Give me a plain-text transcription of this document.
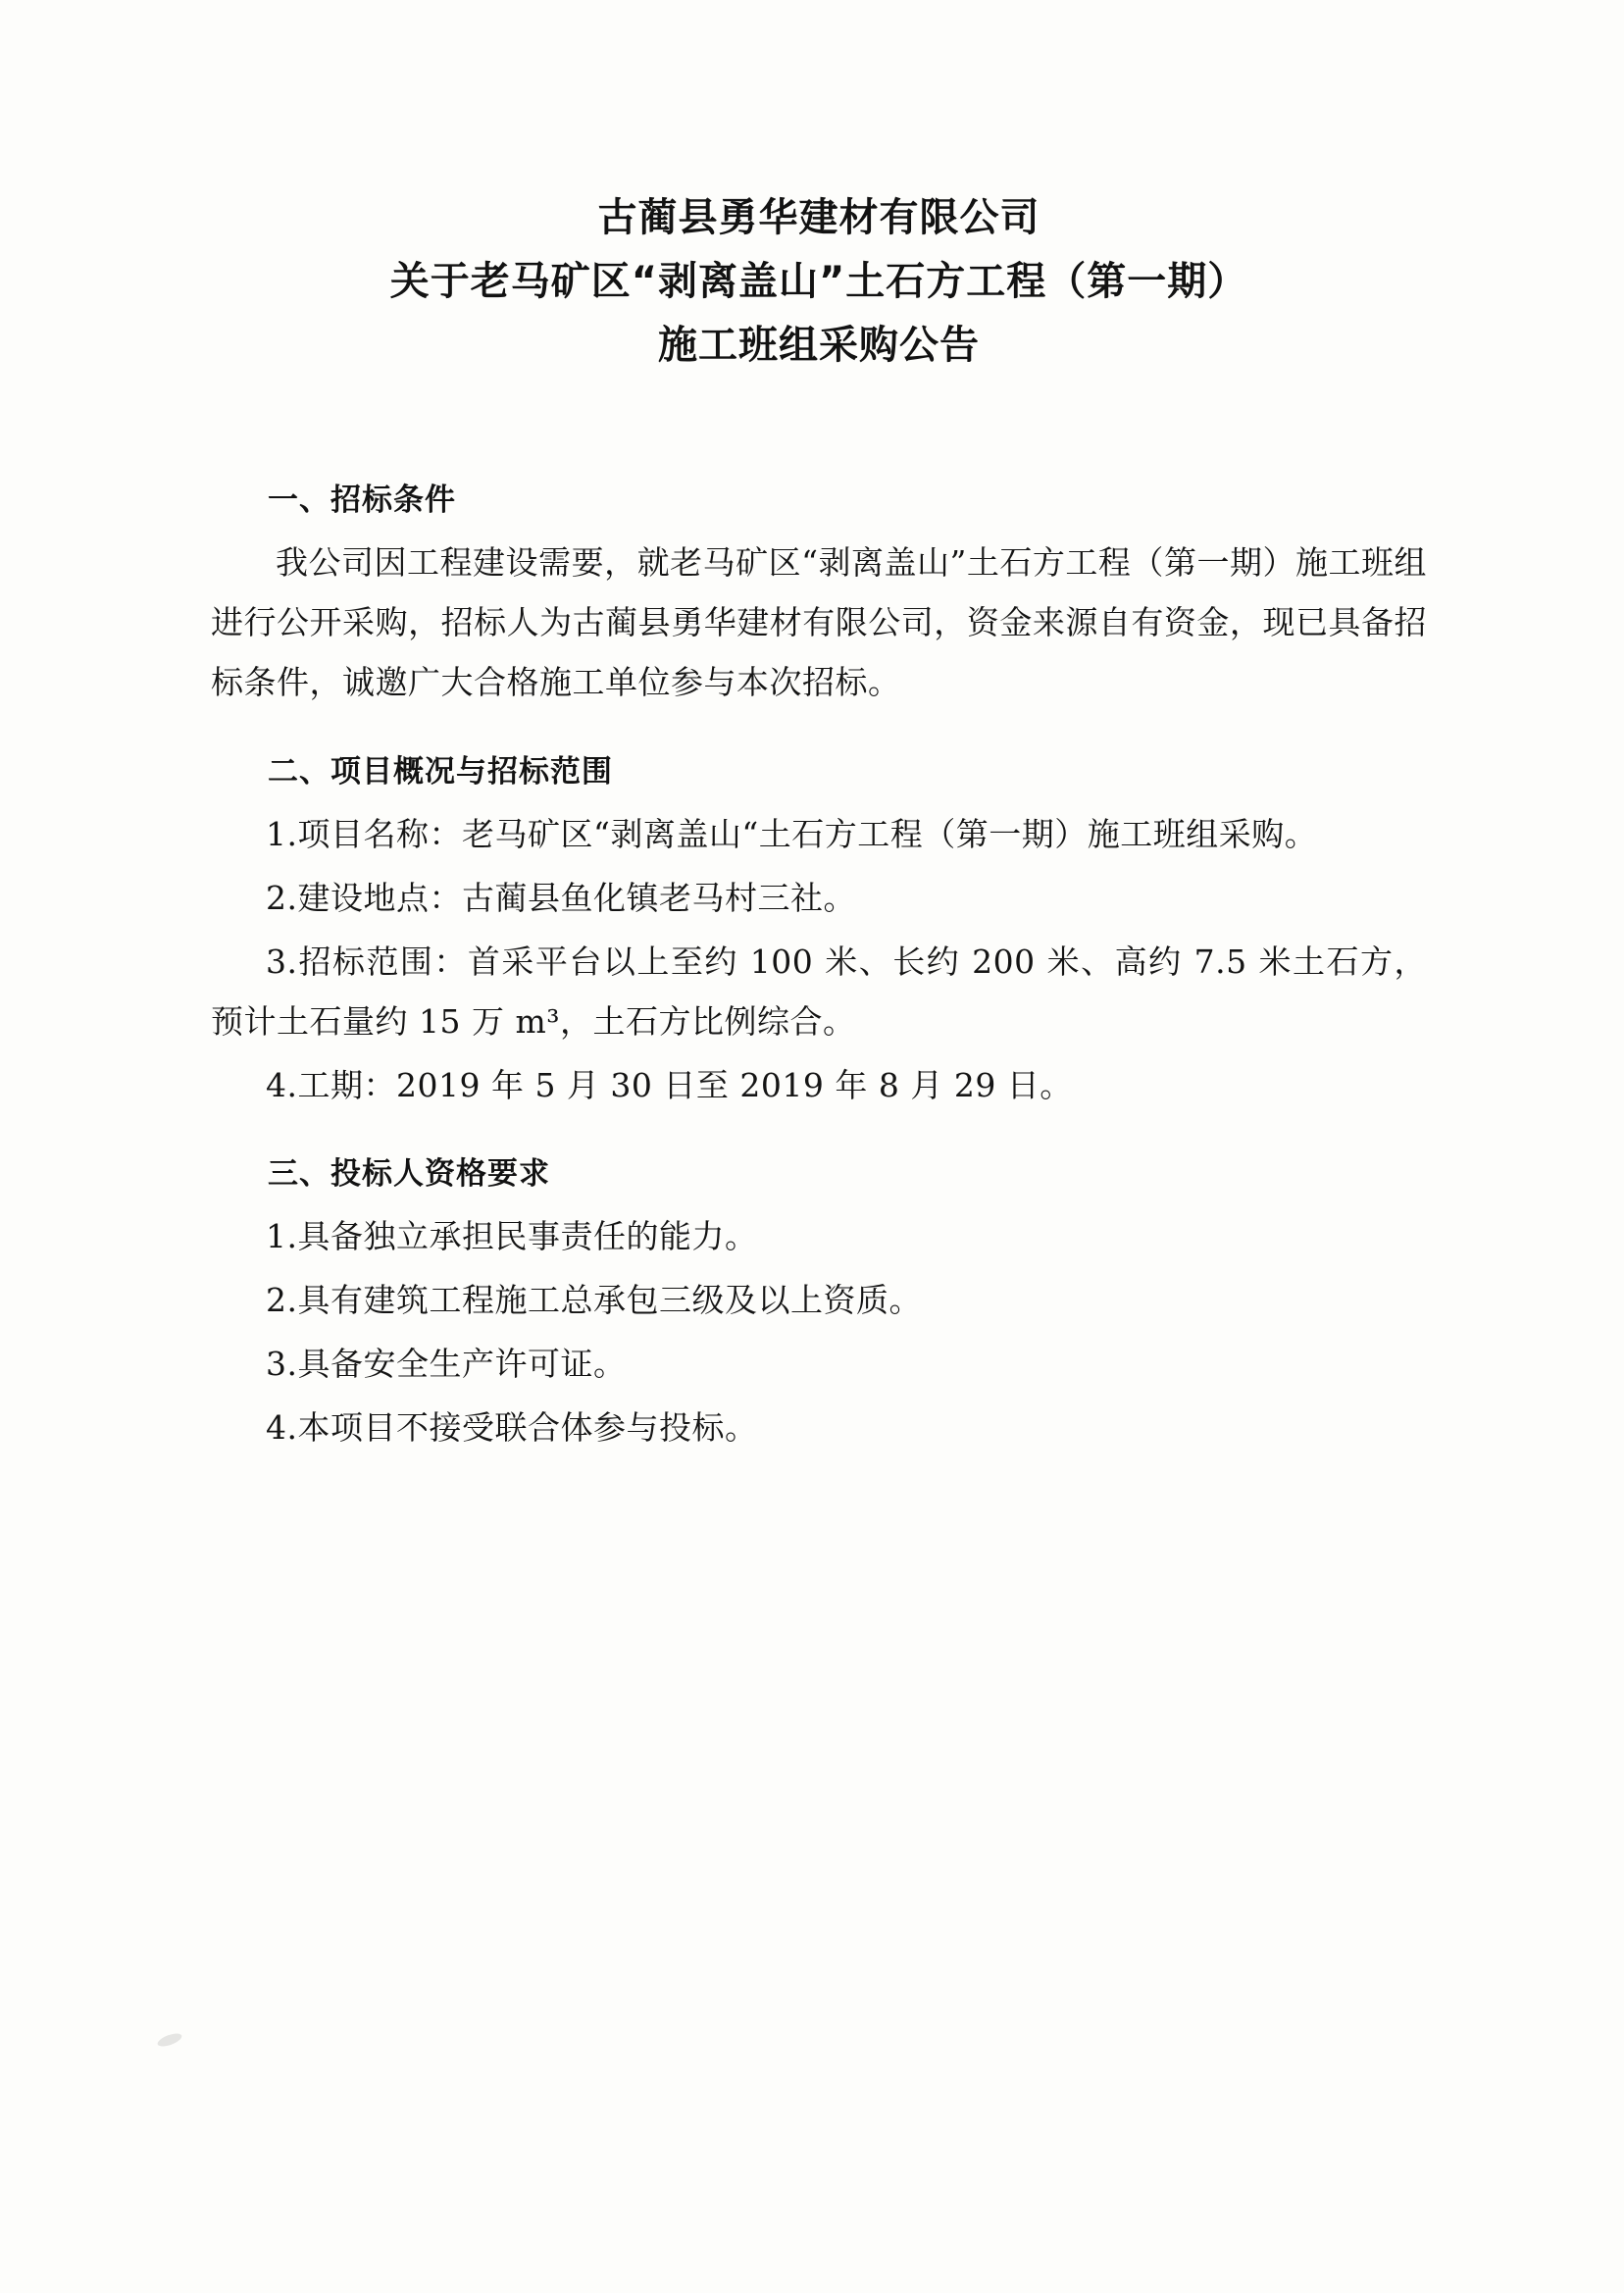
古蔺县勇华建材有限公司
关于老马矿区“剥离盖山”土石方工程（第一期）
施工班组采购公告
一、招标条件

我公司因工程建设需要，就老马矿区“剥离盖山”土石方工程（第一期）施工班组进行公开采购，招标人为古蔺县勇华建材有限公司，资金来源自有资金，现已具备招标条件，诚邀广大合格施工单位参与本次招标。

二、项目概况与招标范围

1.项目名称：老马矿区“剥离盖山“土石方工程（第一期）施工班组采购。

2.建设地点：古蔺县鱼化镇老马村三社。

3.招标范围：首采平台以上至约 100 米、长约 200 米、高约 7.5 米土石方，预计土石量约 15 万 m³，土石方比例综合。

4.工期：2019 年 5 月 30 日至 2019 年 8 月 29 日。

三、投标人资格要求

1.具备独立承担民事责任的能力。

2.具有建筑工程施工总承包三级及以上资质。

3.具备安全生产许可证。

4.本项目不接受联合体参与投标。
